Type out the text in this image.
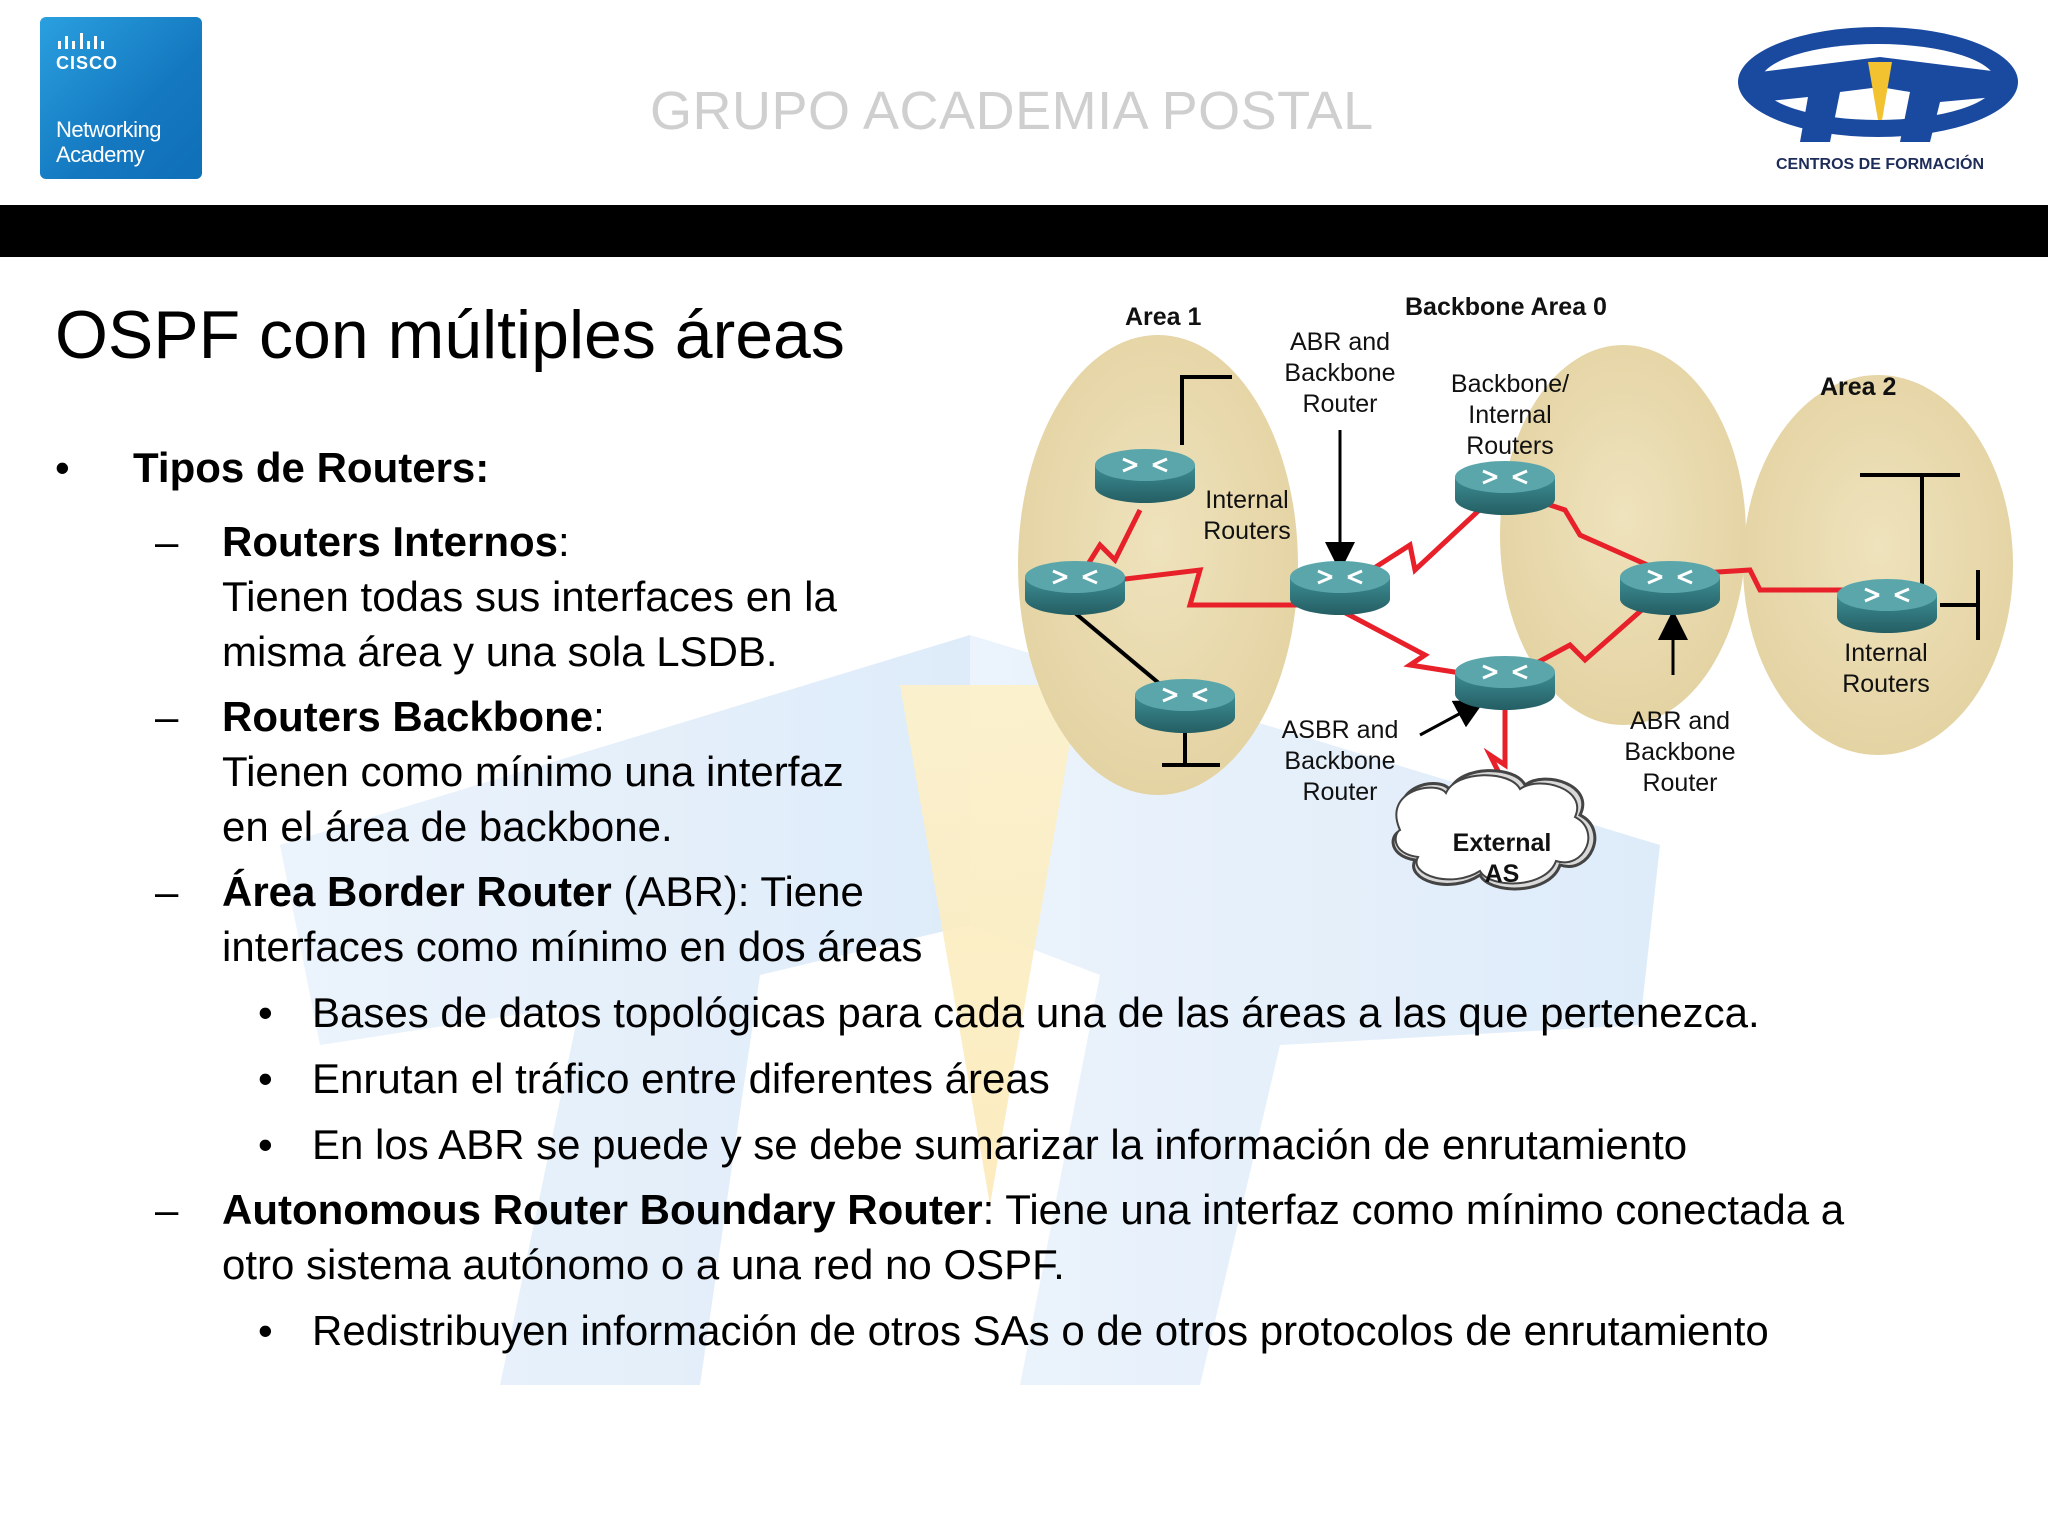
CISCO
Networking
Academy
GRUPO ACADEMIA POSTAL
CENTROS DE FORMACIÓN
OSPF con múltiples áreas
• Tipos de Routers:
– Routers Internos:
Tienen todas sus interfaces en la
misma área y una sola LSDB.
– Routers Backbone:
Tienen como mínimo una interfaz
en el área de backbone.
– Área Border Router (ABR): Tiene
interfaces como mínimo en dos áreas
• Bases de datos topológicas para cada una de las áreas a las que pertenezca.
• Enrutan el tráfico entre diferentes áreas
• En los ABR se puede y se debe sumarizar la información de enrutamiento
– Autonomous Router Boundary Router: Tiene una interfaz como mínimo conectada a
otro sistema autónomo o a una red no OSPF.
• Redistribuyen información de otros SAs o de otros protocolos de enrutamiento
Area 1	Backbone Area 0
Area 2
ABR and
Backbone
Router
Backbone/
Internal
Routers
Internal
Routers
Internal
Routers
ASBR and
Backbone
Router
ABR and
Backbone
Router
External
AS
